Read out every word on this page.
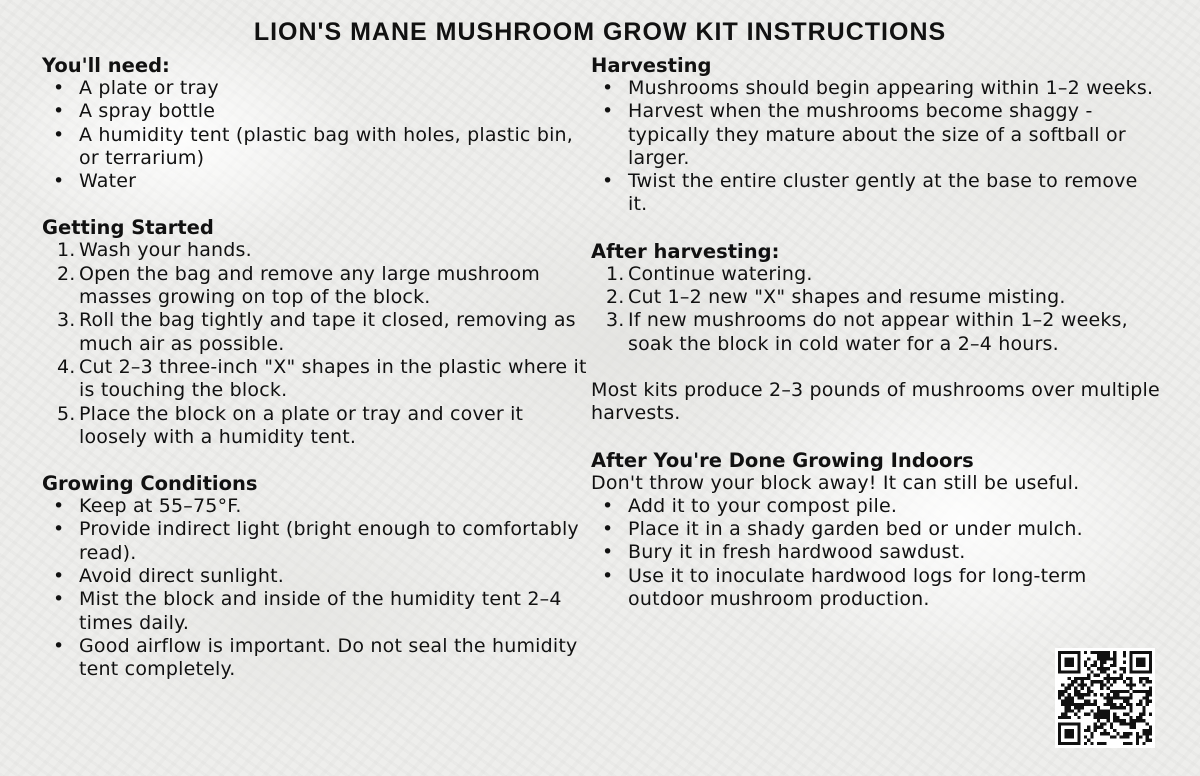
LION'S MANE MUSHROOM GROW KIT INSTRUCTIONS
You'll need:
• A plate or tray
• A spray bottle
• A humidity tent (plastic bag with holes, plastic bin, or terrarium)
• Water
Getting Started
1. Wash your hands.
2. Open the bag and remove any large mushroom masses growing on top of the block.
3. Roll the bag tightly and tape it closed, removing as much air as possible.
4. Cut 2–3 three-inch "X" shapes in the plastic where it is touching the block.
5. Place the block on a plate or tray and cover it loosely with a humidity tent.
Growing Conditions
• Keep at 55–75°F.
• Provide indirect light (bright enough to comfortably read).
• Avoid direct sunlight.
• Mist the block and inside of the humidity tent 2–4 times daily.
• Good airflow is important. Do not seal the humidity tent completely.
Harvesting
• Mushrooms should begin appearing within 1–2 weeks.
• Harvest when the mushrooms become shaggy - typically they mature about the size of a softball or larger.
• Twist the entire cluster gently at the base to remove it.
After harvesting:
1. Continue watering.
2. Cut 1–2 new "X" shapes and resume misting.
3. If new mushrooms do not appear within 1–2 weeks, soak the block in cold water for a 2–4 hours.

Most kits produce 2–3 pounds of mushrooms over multiple harvests.

After You're Done Growing Indoors

Don't throw your block away! It can still be useful.

• Add it to your compost pile.
• Place it in a shady garden bed or under mulch.
• Bury it in fresh hardwood sawdust.
• Use it to inoculate hardwood logs for long-term outdoor mushroom production.
